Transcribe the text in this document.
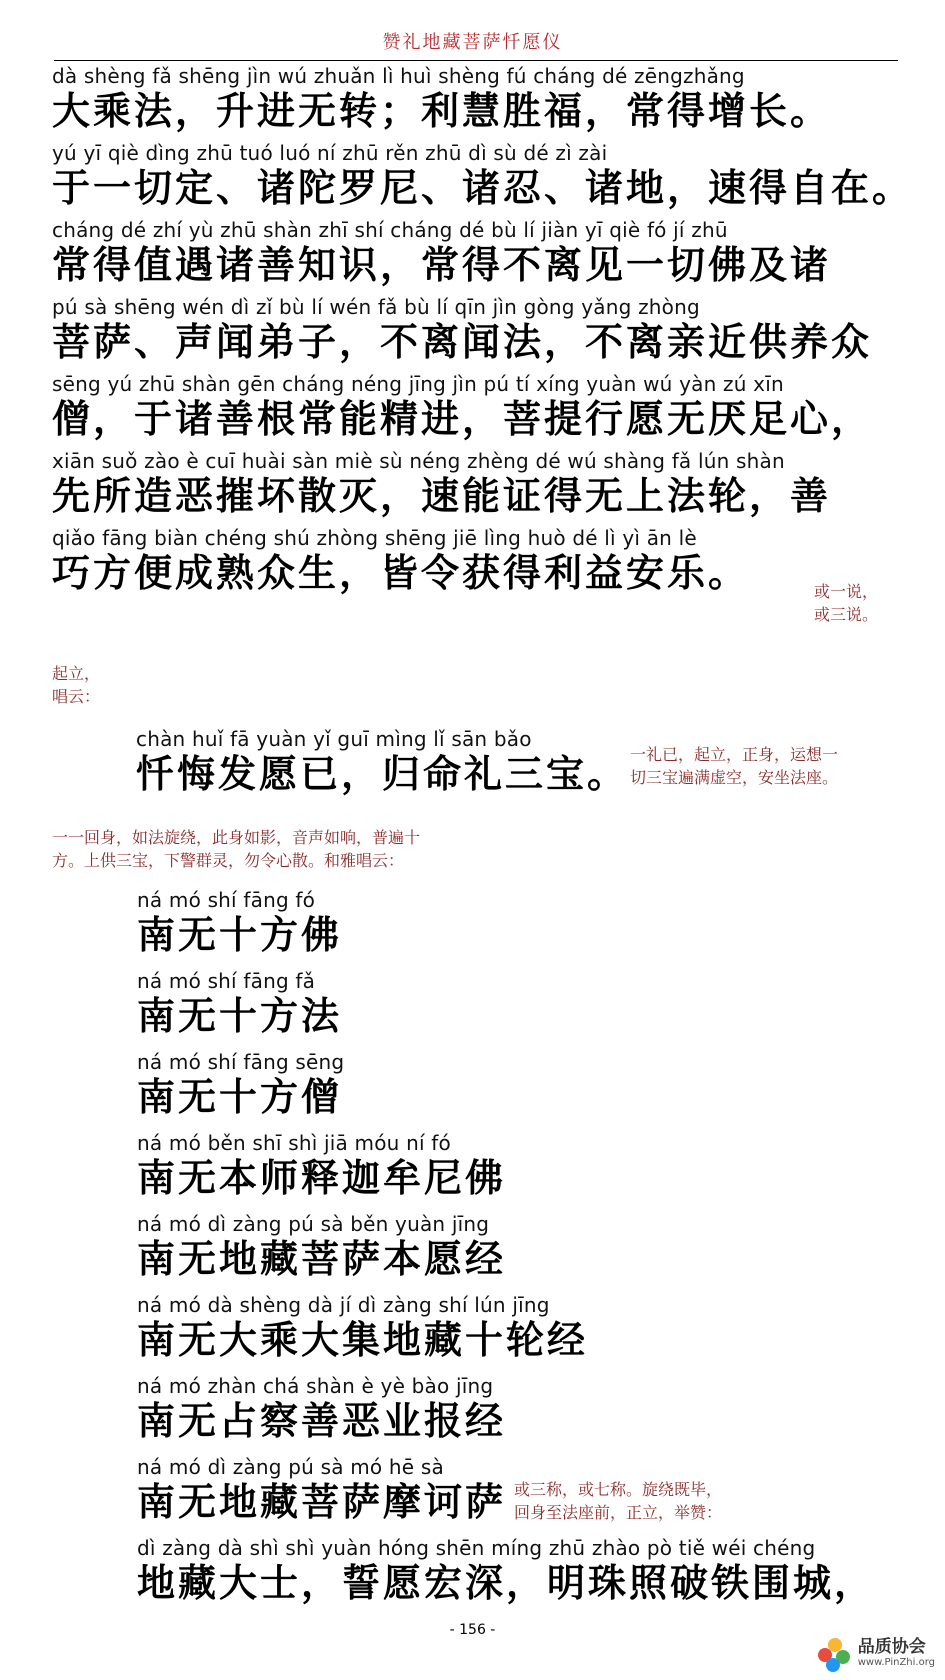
赞礼地藏菩萨忏愿仪
dà shèng fǎ shēng jìn wú zhuǎn lì huì shèng fú cháng dé zēngzhǎng
大乘法，升进无转；利慧胜福，常得增长。
yú yī qiè dìng zhū tuó luó ní zhū rěn zhū dì sù dé zì zài
于一切定、诸陀罗尼、诸忍、诸地，速得自在。
cháng dé zhí yù zhū shàn zhī shí cháng dé bù lí jiàn yī qiè fó jí zhū
常得值遇诸善知识，常得不离见一切佛及诸
pú sà shēng wén dì zǐ bù lí wén fǎ bù lí qīn jìn gòng yǎng zhòng
菩萨、声闻弟子，不离闻法，不离亲近供养众
sēng yú zhū shàn gēn cháng néng jīng jìn pú tí xíng yuàn wú yàn zú xīn
僧，于诸善根常能精进，菩提行愿无厌足心，
xiān suǒ zào è cuī huài sàn miè sù néng zhèng dé wú shàng fǎ lún shàn
先所造恶摧坏散灭，速能证得无上法轮，善
qiǎo fāng biàn chéng shú zhòng shēng jiē lìng huò dé lì yì ān lè
巧方便成熟众生，皆令获得利益安乐。	或一说，
或三说。
起立，
唱云：
chàn huǐ fā yuàn yǐ guī mìng lǐ sān bǎo
忏悔发愿已，归命礼三宝。 一礼已，起立，正身，运想一
切三宝遍满虚空，安坐法座。
一一回身，如法旋绕，此身如影，音声如响，普遍十
方。上供三宝，下警群灵，勿令心散。和雅唱云：
ná mó shí fāng fó
南无十方佛
ná mó shí fāng fǎ
南无十方法
ná mó shí fāng sēng
南无十方僧
ná mó běn shī shì jiā móu ní fó
南无本师释迦牟尼佛
ná mó dì zàng pú sà běn yuàn jīng
南无地藏菩萨本愿经
ná mó dà shèng dà jí dì zàng shí lún jīng
南无大乘大集地藏十轮经
ná mó zhàn chá shàn è yè bào jīng
南无占察善恶业报经
ná mó dì zàng pú sà mó hē sà
南无地藏菩萨摩诃萨 或三称，或七称。旋绕既毕，
回身至法座前，正立，举赞：
dì zàng dà shì shì yuàn hóng shēn míng zhū zhào pò tiě wéi chéng
地藏大士，誓愿宏深，明珠照破铁围城，
- 156 -
品质协会
www.PinZhi.org
